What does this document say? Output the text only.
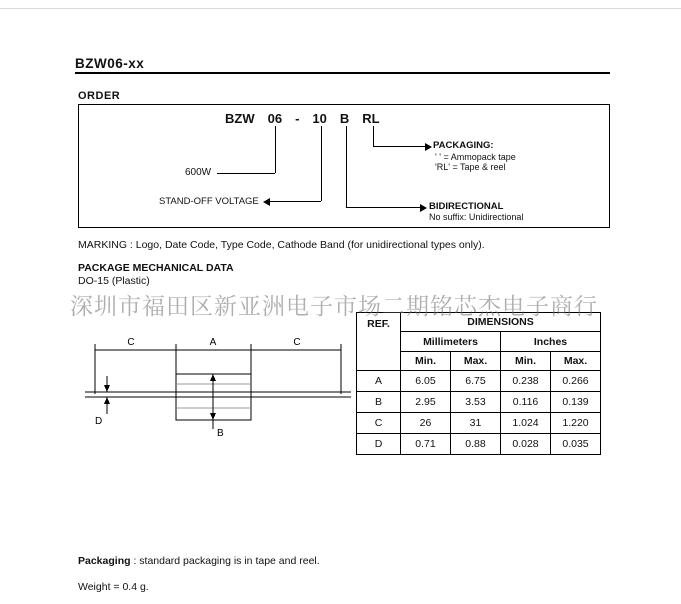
BZW06-xx
ORDER
BZW 06 - 10 B RL
600W
STAND-OFF VOLTAGE
PACKAGING:
' ' = Ammopack tape
'RL' = Tape & reel
BIDIRECTIONAL
No suffix: Unidirectional
MARKING : Logo, Date Code, Type Code, Cathode Band (for unidirectional types only).
PACKAGE MECHANICAL DATA
DO-15 (Plastic)
深圳市福田区新亚洲电子市场二期铭芯杰电子商行
C	A	C
B
D
REF.	DIMENSIONS			
	Millimeters		Inches	
	Min.	Max.	Min.	Max.
A	6.05	6.75	0.238	0.266
B	2.95	3.53	0.116	0.139
C	26	31	1.024	1.220
D	0.71	0.88	0.028	0.035
Packaging : standard packaging is in tape and reel.
Weight = 0.4 g.
